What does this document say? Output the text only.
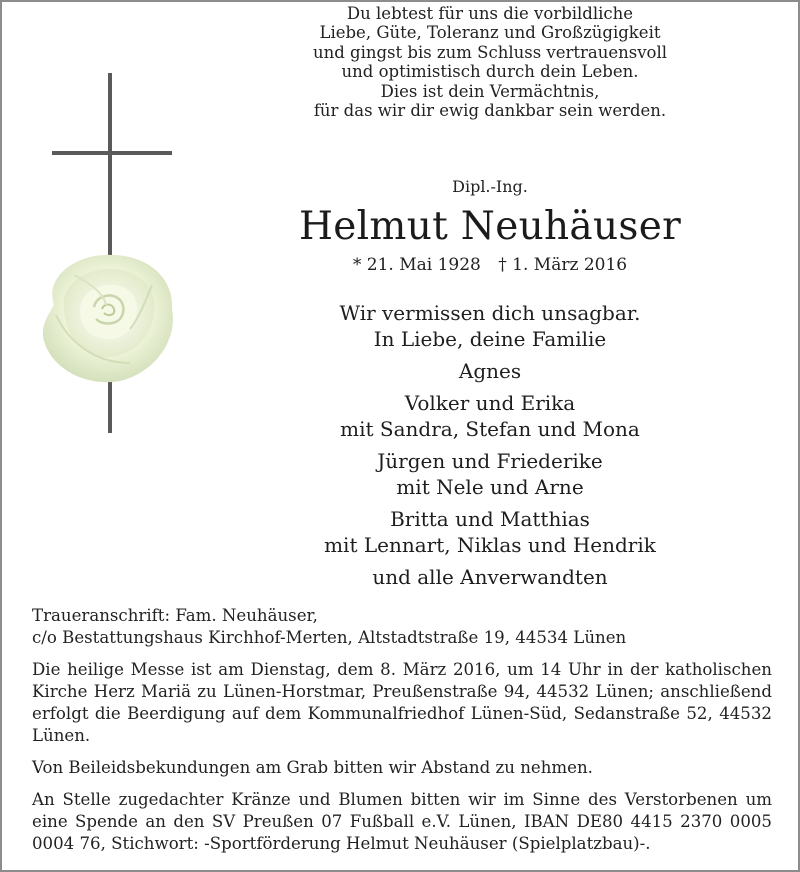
Du lebtest für uns die vorbildliche
Liebe, Güte, Toleranz und Großzügigkeit
und gingst bis zum Schluss vertrauensvoll
und optimistisch durch dein Leben.
Dies ist dein Vermächtnis,
für das wir dir ewig dankbar sein werden.
Dipl.-Ing.
Helmut Neuhäuser
* 21. Mai 1928 † 1. März 2016
Wir vermissen dich unsagbar.
In Liebe, deine Familie
Agnes
Volker und Erika
mit Sandra, Stefan und Mona
Jürgen und Friederike
mit Nele und Arne
Britta und Matthias
mit Lennart, Niklas und Hendrik
und alle Anverwandten

Traueranschrift: Fam. Neuhäuser,

c/o Bestattungshaus Kirchhof-Merten, Altstadtstraße 19, 44534 Lünen

Die heilige Messe ist am Dienstag, dem 8. März 2016, um 14 Uhr in der katholischen Kirche Herz Mariä zu Lünen-Horstmar, Preußenstraße 94, 44532 Lünen; anschließend erfolgt die Beerdigung auf dem Kommunalfriedhof Lünen-Süd, Sedanstraße 52, 44532 Lünen.

Von Beileidsbekundungen am Grab bitten wir Abstand zu nehmen.

An Stelle zugedachter Kränze und Blumen bitten wir im Sinne des Verstorbenen um eine Spende an den SV Preußen 07 Fußball e.V. Lünen, IBAN DE80 4415 2370 0005 0004 76, Stichwort: -Sportförderung Helmut Neuhäuser (Spielplatzbau)-.
